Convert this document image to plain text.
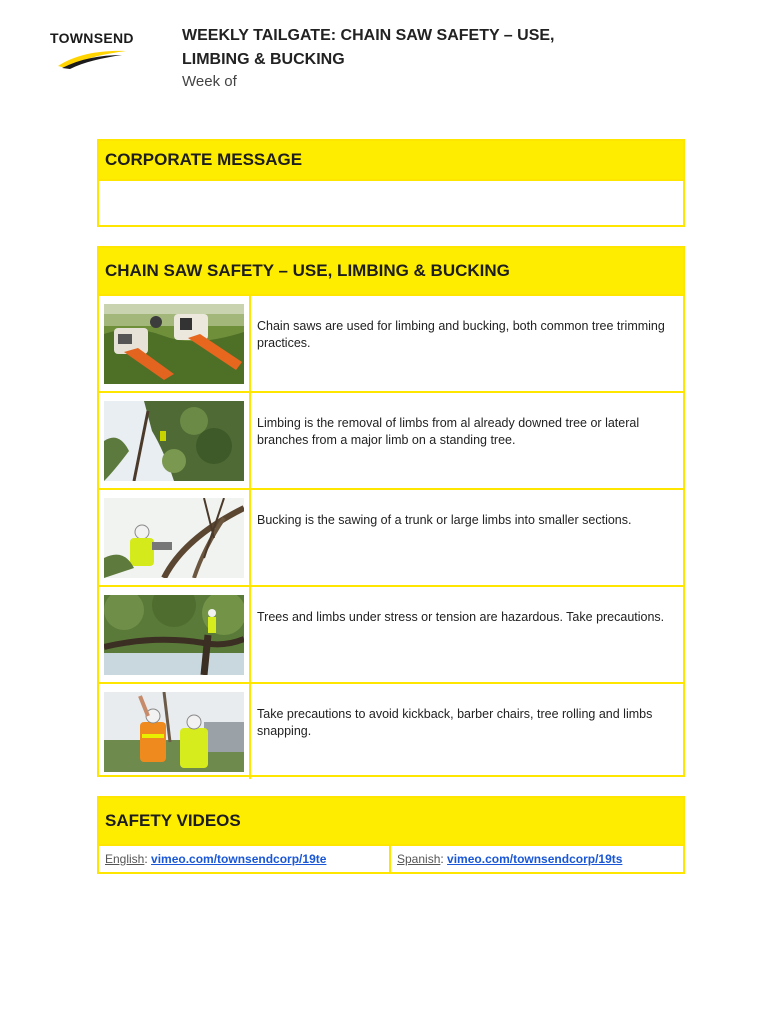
TOWNSEND	WEEKLY TAILGATE: CHAIN SAW SAFETY – USE, LIMBING & BUCKING
Week of
CORPORATE MESSAGE
CHAIN SAW SAFETY – USE, LIMBING & BUCKING
Chain saws are used for limbing and bucking, both common tree trimming practices.
Limbing is the removal of limbs from al already downed tree or lateral branches from a major limb on a standing tree.
Bucking is the sawing of a trunk or large limbs into smaller sections.
Trees and limbs under stress or tension are hazardous. Take precautions.
Take precautions to avoid kickback, barber chairs, tree rolling and limbs snapping.
SAFETY VIDEOS
English: vimeo.com/townsendcorp/19te	Spanish: vimeo.com/townsendcorp/19ts
